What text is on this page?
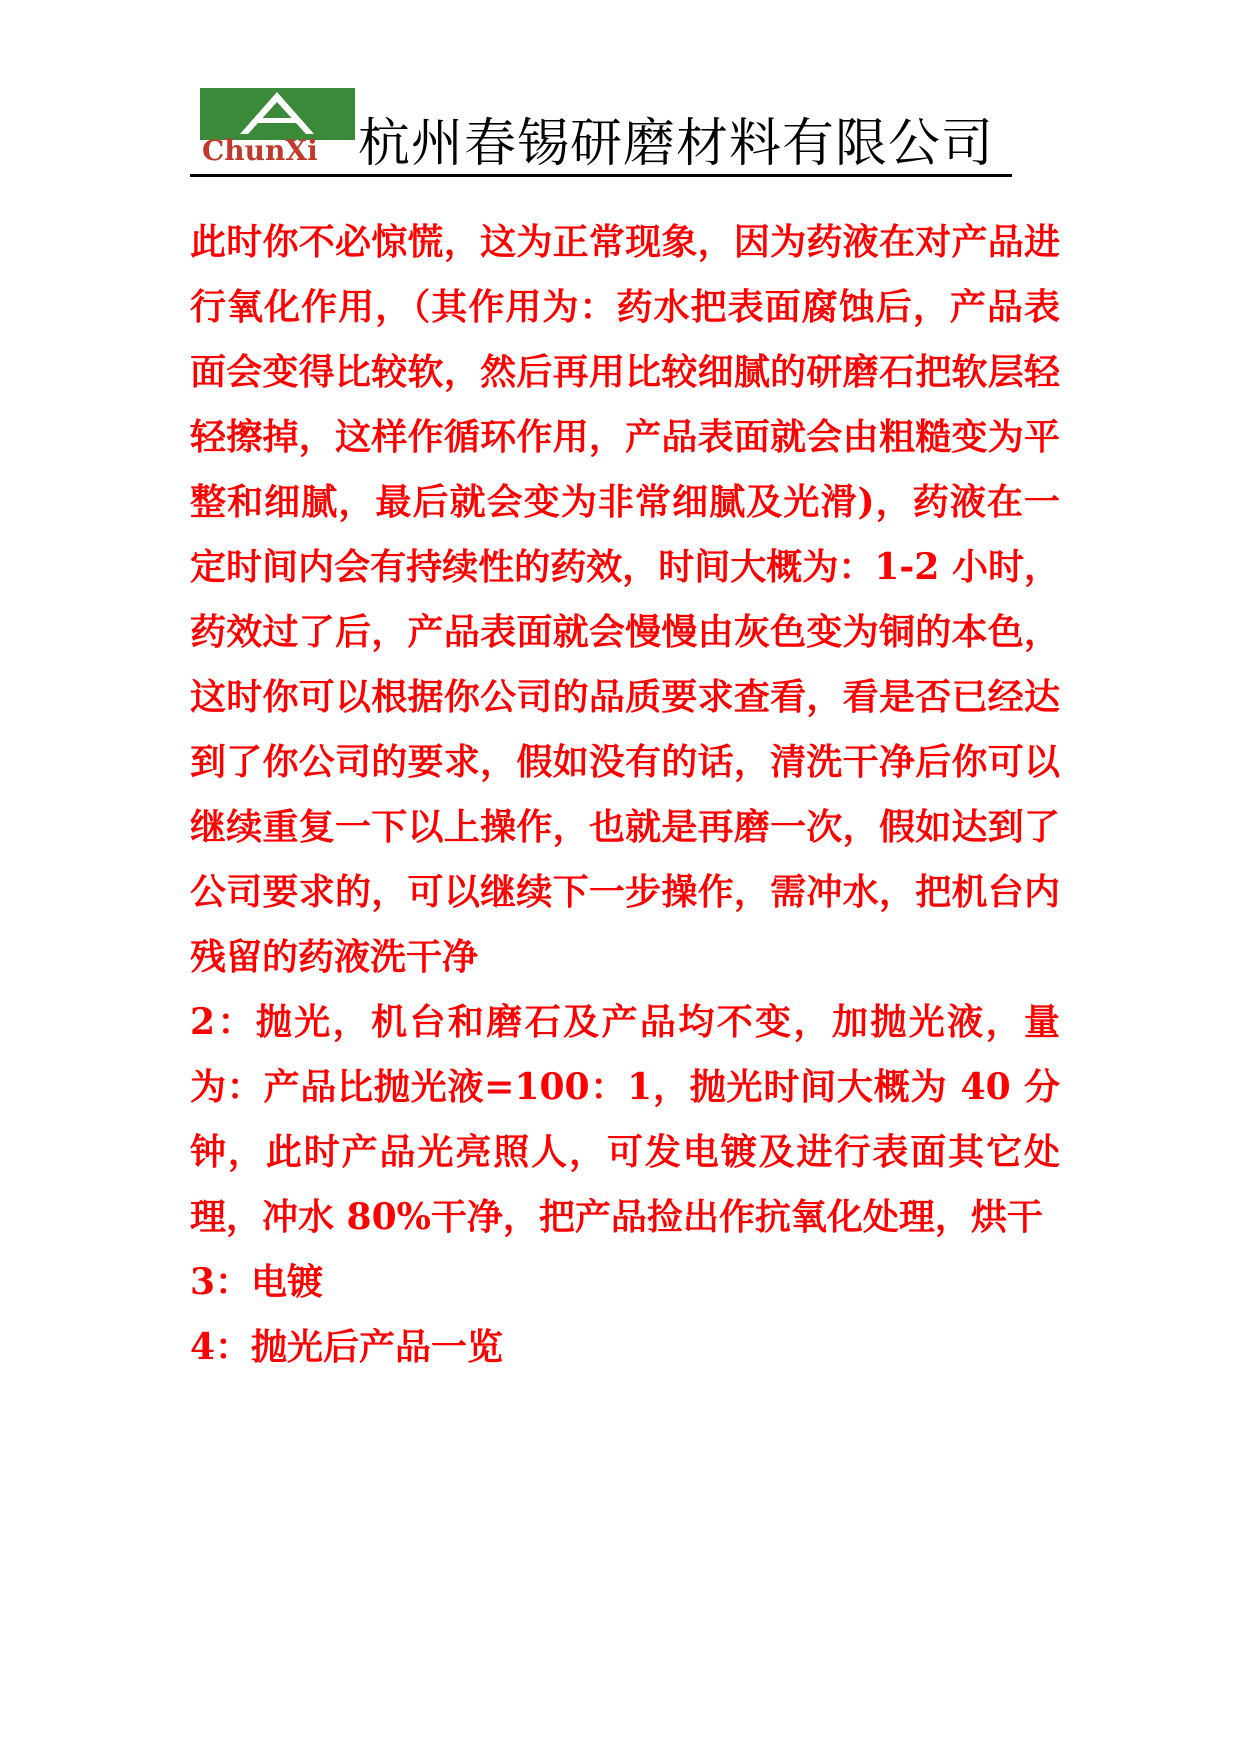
ChunXi 杭州春锡研磨材料有限公司

此时你不必惊慌，这为正常现象，因为药液在对产品进行氧化作用，（其作用为：药水把表面腐蚀后，产品表面会变得比较软，然后再用比较细腻的研磨石把软层轻轻擦掉，这样作循环作用，产品表面就会由粗糙变为平整和细腻，最后就会变为非常细腻及光滑)，药液在一定时间内会有持续性的药效，时间大概为：1-2 小时，药效过了后，产品表面就会慢慢由灰色变为铜的本色，这时你可以根据你公司的品质要求查看，看是否已经达到了你公司的要求，假如没有的话，清洗干净后你可以继续重复一下以上操作，也就是再磨一次，假如达到了公司要求的，可以继续下一步操作，需冲水，把机台内残留的药液洗干净

2：抛光，机台和磨石及产品均不变，加抛光液，量为：产品比抛光液=100：1，抛光时间大概为 40 分钟，此时产品光亮照人，可发电镀及进行表面其它处理，冲水 80%干净，把产品捡出作抗氧化处理，烘干

3：电镀

4：抛光后产品一览
